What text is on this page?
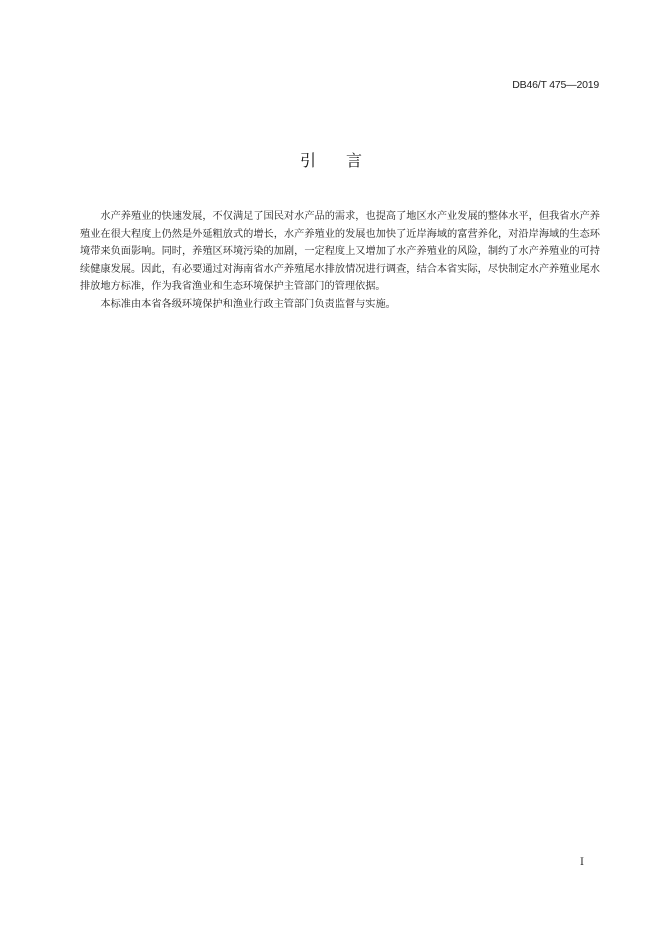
DB46/T 475—2019
引言

水产养殖业的快速发展，不仅满足了国民对水产品的需求，也提高了地区水产业发展的整体水平，但我省水产养殖业在很大程度上仍然是外延粗放式的增长，水产养殖业的发展也加快了近岸海域的富营养化，对沿岸海域的生态环境带来负面影响。同时，养殖区环境污染的加剧，一定程度上又增加了水产养殖业的风险，制约了水产养殖业的可持续健康发展。因此，有必要通过对海南省水产养殖尾水排放情况进行调查，结合本省实际，尽快制定水产养殖业尾水排放地方标准，作为我省渔业和生态环境保护主管部门的管理依据。

本标准由本省各级环境保护和渔业行政主管部门负责监督与实施。

I
